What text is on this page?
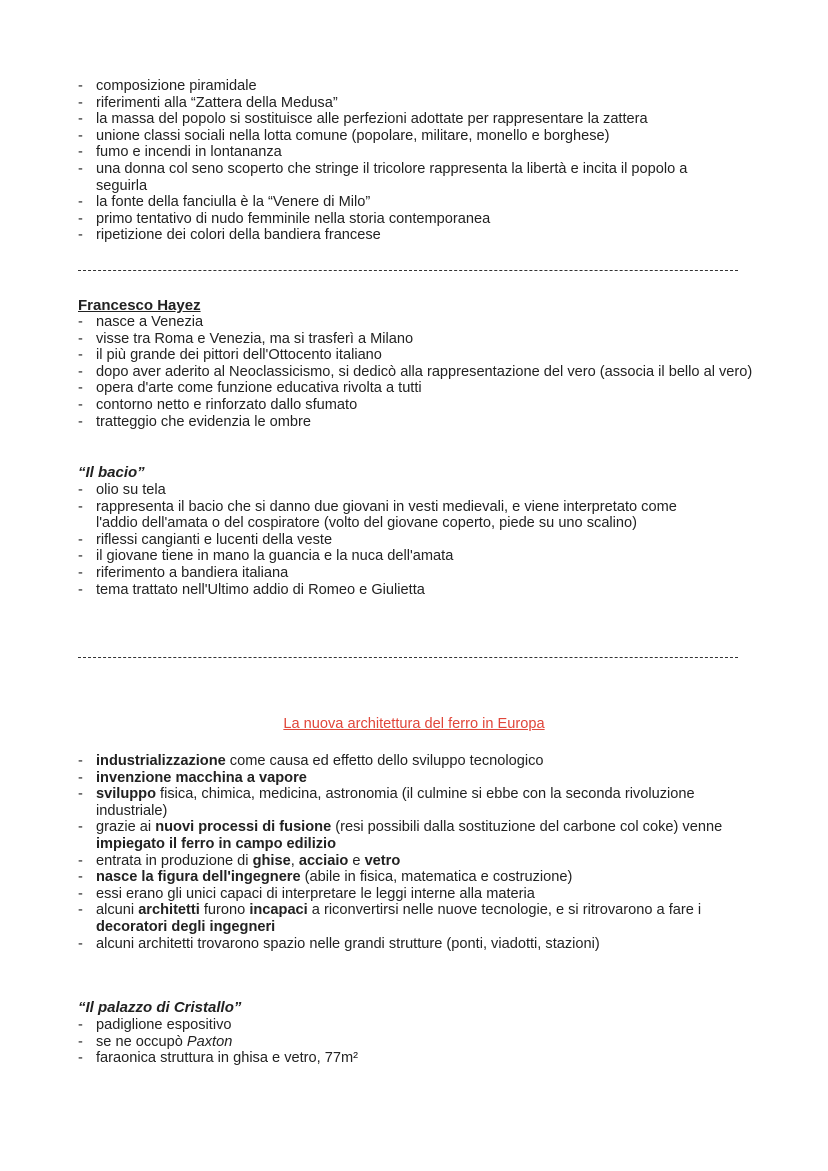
- composizione piramidale
- riferimenti alla “Zattera della Medusa”
- la massa del popolo si sostituisce alle perfezioni adottate per rappresentare la zattera
- unione classi sociali nella lotta comune (popolare, militare, monello e borghese)
- fumo e incendi in lontananza
- una donna col seno scoperto che stringe il tricolore rappresenta la libertà e incita il popolo a seguirla
- la fonte della fanciulla è la “Venere di Milo”
- primo tentativo di nudo femminile nella storia contemporanea
- ripetizione dei colori della bandiera francese
Francesco Hayez
- nasce a Venezia
- visse tra Roma e Venezia, ma si trasferì a Milano
- il più grande dei pittori dell'Ottocento italiano
- dopo aver aderito al Neoclassicismo, si dedicò alla rappresentazione del vero (associa il bello al vero)
- opera d'arte come funzione educativa rivolta a tutti
- contorno netto e rinforzato dallo sfumato
- tratteggio che evidenzia le ombre
“Il bacio”
- olio su tela
- rappresenta il bacio che si danno due giovani in vesti medievali, e viene interpretato come l'addio dell'amata o del cospiratore (volto del giovane coperto, piede su uno scalino)
- riflessi cangianti e lucenti della veste
- il giovane tiene in mano la guancia e la nuca dell'amata
- riferimento a bandiera italiana
- tema trattato nell'Ultimo addio di Romeo e Giulietta
La nuova architettura del ferro in Europa
- industrializzazione come causa ed effetto dello sviluppo tecnologico
- invenzione macchina a vapore
- sviluppo fisica, chimica, medicina, astronomia (il culmine si ebbe con la seconda rivoluzione industriale)
- grazie ai nuovi processi di fusione (resi possibili dalla sostituzione del carbone col coke) venne impiegato il ferro in campo edilizio
- entrata in produzione di ghise, acciaio e vetro
- nasce la figura dell'ingegnere (abile in fisica, matematica e costruzione)
- essi erano gli unici capaci di interpretare le leggi interne alla materia
- alcuni architetti furono incapaci a riconvertirsi nelle nuove tecnologie, e si ritrovarono a fare i decoratori degli ingegneri
- alcuni architetti trovarono spazio nelle grandi strutture (ponti, viadotti, stazioni)
“Il palazzo di Cristallo”
- padiglione espositivo
- se ne occupò Paxton
- faraonica struttura in ghisa e vetro, 77m²
